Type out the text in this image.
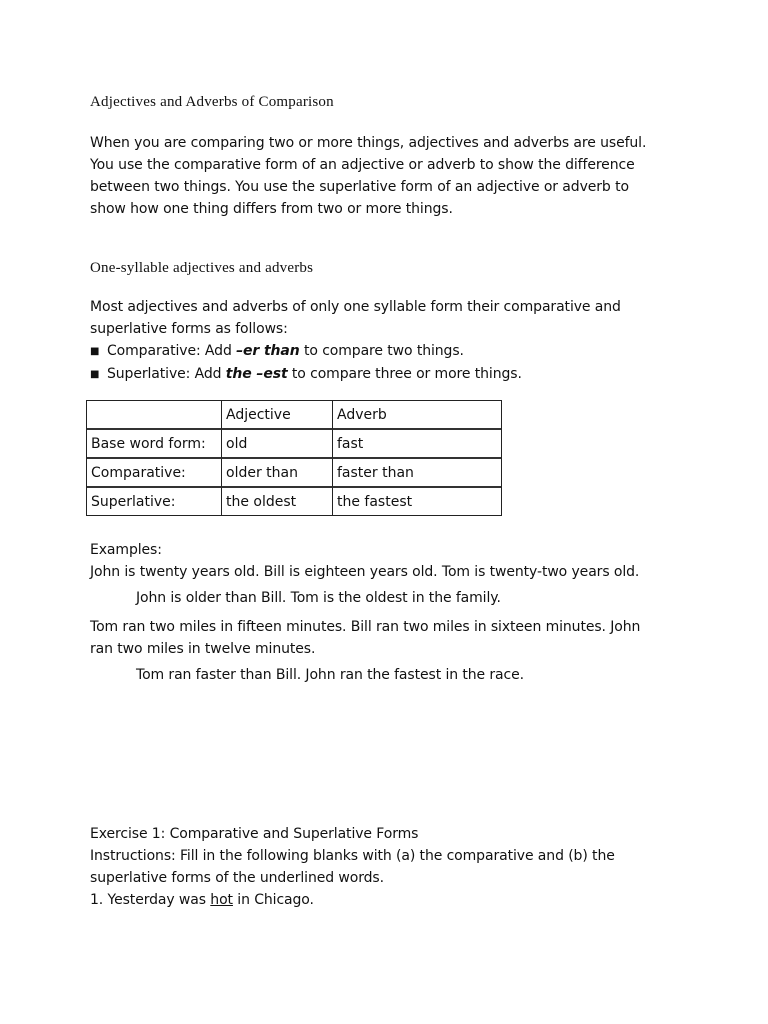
Adjectives and Adverbs of Comparison

When you are comparing two or more things, adjectives and adverbs are useful.
You use the comparative form of an adjective or adverb to show the difference
between two things. You use the superlative form of an adjective or adverb to
show how one thing differs from two or more things.

One-syllable adjectives and adverbs

Most adjectives and adverbs of only one syllable form their comparative and
superlative forms as follows:
■ Comparative: Add –er than to compare two things.
■ Superlative: Add the –est to compare three or more things.

	Adjective	Adverb
Base word form:	old	fast
Comparative:	older than	faster than
Superlative:	the oldest	the fastest

Examples:
John is twenty years old. Bill is eighteen years old. Tom is twenty-two years old.
John is older than Bill. Tom is the oldest in the family.

Tom ran two miles in fifteen minutes. Bill ran two miles in sixteen minutes. John
ran two miles in twelve minutes.
Tom ran faster than Bill. John ran the fastest in the race.

Exercise 1: Comparative and Superlative Forms
Instructions: Fill in the following blanks with (a) the comparative and (b) the
superlative forms of the underlined words.
1. Yesterday was hot in Chicago.
